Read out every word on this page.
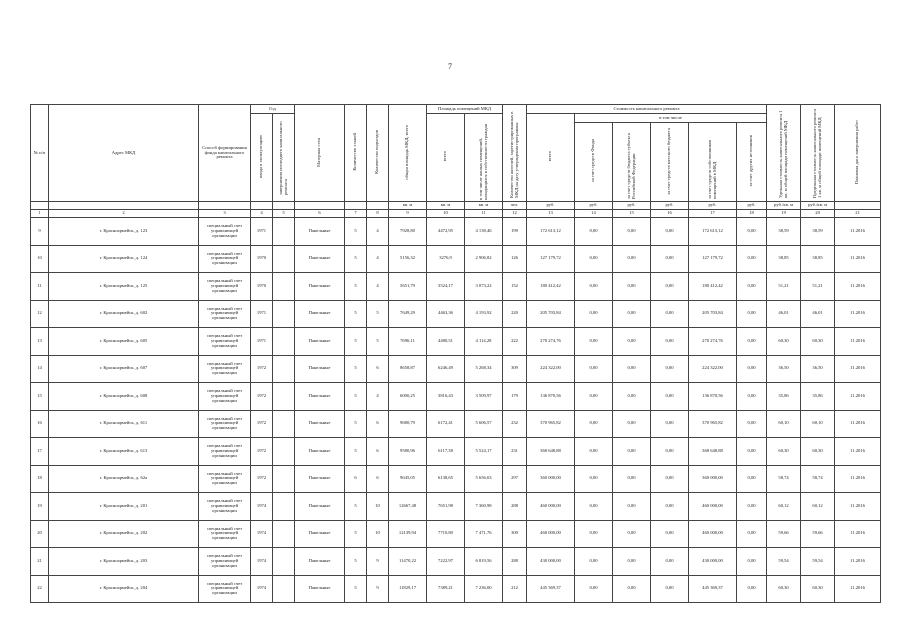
7
№ п/п	Адрес МКД	Способ формирования фонда капитального ремонта	Год		Материал стен	Количество этажей	Количество подъездов	общая площадь МКД, всего	Площадь помещений МКД		Количество жителей, зарегистрированных в МКД на дату утверждения программы	Стоимость капитального ремонта						Удельная стоимость капитального ремонта 1 кв. м общей площади помещений МКД	Предельная стоимость капитального ремонта 1 кв. м общей площади помещений МКД	Плановая дата завершения работ
			ввода в эксплуатацию	завершения последнего капитального ремонта					всего	в том числе жилых помещений, находящихся в собственности граждан		всего	в том числе							
													за счет средств Фонда	за счет средств бюджета субъекта Российской Федерации	за счет средств местного бюджета	за счет средств собственников помещений в МКД	за счет других источников			
								кв. м	кв. м	кв. м	чел.	руб.	руб.	руб.	руб.	руб.	руб.	руб./кв. м	руб./кв. м	
1	2	3	4	5	6	7	8	9	10	11	12	13	14	15	16	17	18	19	20	21
9	г. Красноармейск, д. 123	специальный счет управляющей организации	1971		Панельные	5	4	7928,80	4472,95	4 138,46	199	172 613,12	0,00	0,00	0,00	172 613,12	0,00	38,59	38,59	11.2016
10	г. Красноармейск, д. 124	специальный счет управляющей организации	1970		Панельные	5	4	5156,32	3276,9	2 906,82	126	127 179,72	0,00	0,00	0,00	127 179,72	0,00	38,85	38,85	11.2016
11	г. Красноармейск, д. 125	специальный счет управляющей организации	1970		Панельные	5	4	5651,79	3524,17	3 073,22	152	180 412,42	0,00	0,00	0,00	180 412,42	0,00	51,21	51,21	11.2016
12	г. Красноармейск, д. 602	специальный счет управляющей организации	1971		Панельные	5	5	7649,29	4463,36	4 193,92	220	205 703,84	0,00	0,00	0,00	205 703,84	0,00	46,01	46,01	11.2016
13	г. Красноармейск, д. 605	специальный счет управляющей организации	1971		Панельные	5	5	7696,11	4480,51	4 114,28	222	270 274,76	0,00	0,00	0,00	270 274,76	0,00	60,30	60,30	11.2016
14	г. Красноармейск, д. 607	специальный счет управляющей организации	1972		Панельные	5	6	8658,87	6246,49	5 268,34	309	224 322,00	0,00	0,00	0,00	224 322,00	0,00	36,50	36,50	11.2016
15	г. Красноармейск, д. 608	специальный счет управляющей организации	1972		Панельные	5	4	6000,25	3816,43	3 509,97	179	136 870,56	0,00	0,00	0,00	136 870,56	0,00	35,86	35,86	11.2016
16	г. Красноармейск, д. 611	специальный счет управляющей организации	1972		Панельные	5	6	9680,79	6172,41	5 606,57	232	370 965,82	0,00	0,00	0,00	370 965,82	0,00	60,10	60,10	11.2016
17	г. Красноармейск, д. 613	специальный счет управляющей организации	1972		Панельные	5	6	9580,96	6117,38	5 524,17	231	368 648,88	0,00	0,00	0,00	368 648,88	0,00	60,30	60,30	11.2016
18	г. Красноармейск, д. 62а	специальный счет управляющей организации	1972		Панельные	6	6	9645,05	6138,65	5 656,63	297	360 000,00	0,00	0,00	0,00	360 000,00	0,00	58,74	58,74	11.2016
19	г. Красноармейск, д. 201	специальный счет управляющей организации	1974		Панельные	5	10	12667,48	7651,98	7 360,98	288	460 000,00	0,00	0,00	0,00	460 000,00	0,00	60,12	60,12	11.2016
20	г. Красноармейск, д. 202	специальный счет управляющей организации	1974		Панельные	5	10	12139,94	7710,80	7 471,76	300	460 000,00	0,00	0,00	0,00	460 000,00	0,00	59,66	59,66	11.2016
21	г. Красноармейск, д. 203	специальный счет управляющей организации	1974		Панельные	5	9	11470,22	7222,97	6 819,56	288	430 000,00	0,00	0,00	0,00	430 000,00	0,00	59,54	59,54	11.2016
22	г. Красноармейск, д. 204	специальный счет управляющей организации	1974		Панельные	5	9	11829,17	7389,21	7 236,00	212	445 369,37	0,00	0,00	0,00	445 369,37	0,00	60,30	60,30	11.2016
